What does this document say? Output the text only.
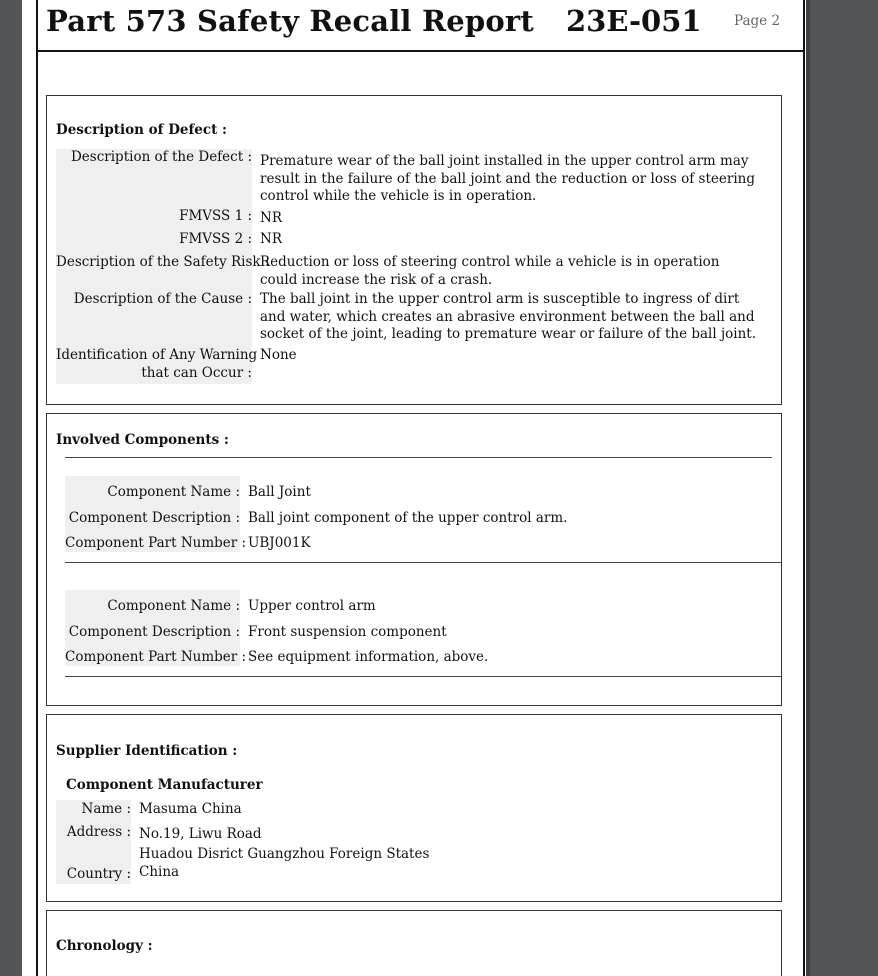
Part 573 Safety Recall Report 23E-051 Page 2
Description of Defect :
Description of the Defect : Premature wear of the ball joint installed in the upper control arm may result in the failure of the ball joint and the reduction or loss of steering control while the vehicle is in operation.
FMVSS 1 : NR
FMVSS 2 : NR
Description of the Safety Risk :
Reduction or loss of steering control while a vehicle is in operation could increase the risk of a crash.
Description of the Cause : The ball joint in the upper control arm is susceptible to ingress of dirt and water, which creates an abrasive environment between the ball and socket of the joint, leading to premature wear or failure of the ball joint.
Identification of Any Warning
that can Occur :
None
Involved Components :
Component Name :
Component Description :
Component Part Number :
Ball Joint
Ball joint component of the upper control arm.
UBJ001K
Component Name :
Component Description :
Component Part Number :
Upper control arm
Front suspension component
See equipment information, above.
Supplier Identification :
Component Manufacturer
Name : Masuma China
Address : No.19, Liwu Road
Huadou Disrict Guangzhou Foreign States
Country : China
Chronology :
